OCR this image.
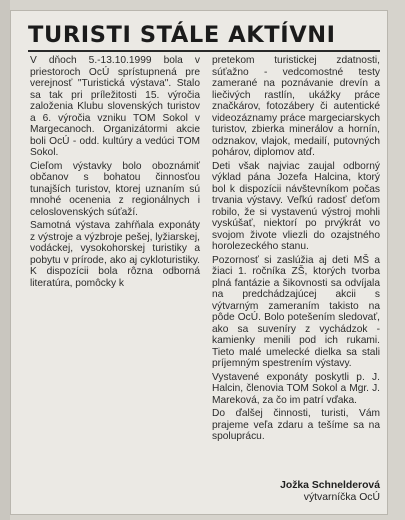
TURISTI STÁLE AKTÍVNI

V dňoch 5.-13.10.1999 bola v priestoroch OcÚ sprístupnená pre verejnosť "Turistická výstava". Stalo sa tak pri príležitosti 15. výročia založenia Klubu slovenských turistov a 6. výročia vzniku TOM Sokol v Margecanoch. Organizátormi akcie boli OcÚ - odd. kultúry a vedúci TOM Sokol.

Cieľom výstavky bolo oboznámiť občanov s bohatou činnosťou tunajších turistov, ktorej uznaním sú mnohé ocenenia z regionálnych i celoslovenských súťaží.

Samotná výstava zahŕňala exponáty z výstroje a výzbroje pešej, lyžiarskej, vodáckej, vysokohorskej turistiky a pobytu v prírode, ako aj cykloturistiky. K dispozícii bola rôzna odborná literatúra, pomôcky k

pretekom turistickej zdatnosti, súťažno - vedcomostné testy zamerané na poznávanie drevín a liečivých rastlín, ukážky práce značkárov, fotozábery či autentické videozáznamy práce margeciarskych turistov, zbierka minerálov a hornín, odznakov, vlajok, medailí, putovných pohárov, diplomov atď.

Deti však najviac zaujal odborný výklad pána Jozefa Halcina, ktorý bol k dispozícii návštevníkom počas trvania výstavy. Veľkú radosť deťom robilo, že si vystavenú výstroj mohli vyskúšať, niektorí po prvýkrát vo svojom živote vliezli do ozajstného horolezeckého stanu.

Pozornosť si zaslúžia aj deti MŠ a žiaci 1. ročníka ZŠ, ktorých tvorba plná fantázie a šikovnosti sa odvíjala na predchádzajúcej akcii s výtvarným zameraním takisto na pôde OcÚ. Bolo potešením sledovať, ako sa suveníry z vychádzok - kamienky menili pod ich rukami. Tieto malé umelecké dielka sa stali príjemným spestrením výstavy.

Vystavené exponáty poskytli p. J. Halcin, členovia TOM Sokol a Mgr. J. Mareková, za čo im patrí vďaka.

Do ďalšej činnosti, turisti, Vám prajeme veľa zdaru a tešíme sa na spoluprácu.

Jožka Schnelderová
výtvarníčka OcÚ
